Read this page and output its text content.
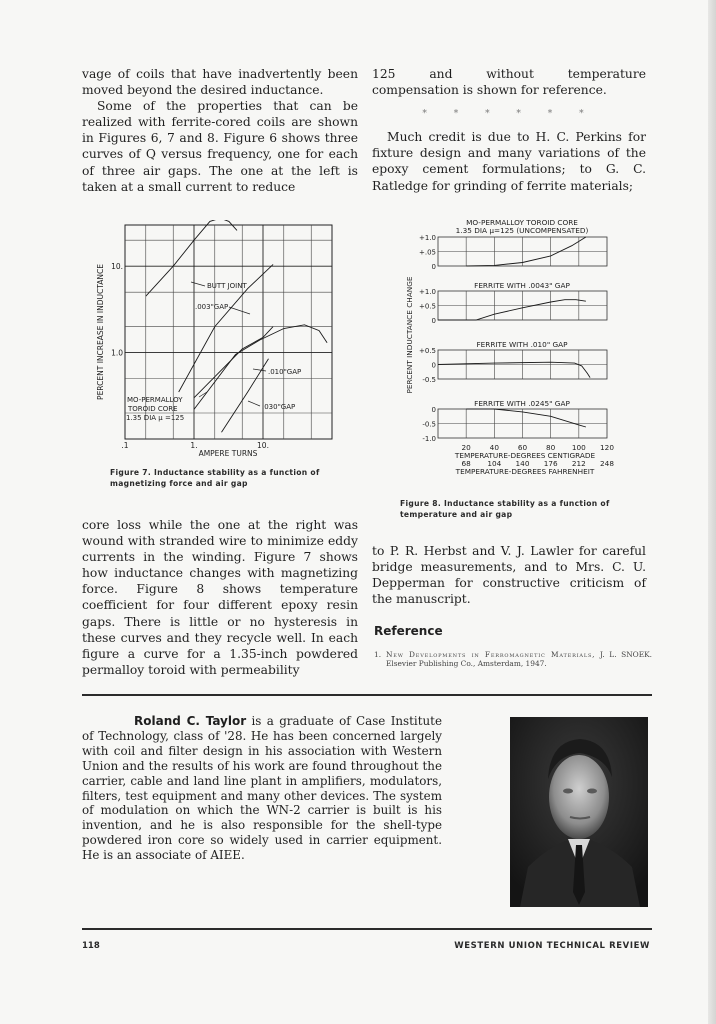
vage of coils that have inadvertently been moved beyond the desired inductance.

Some of the properties that can be realized with ferrite-cored coils are shown in Figures 6, 7 and 8. Figure 6 shows three curves of Q versus frequency, one for each of three air gaps. The one at the left is taken at a small current to reduce

125 and without temperature compensation is shown for reference.

* * * * * *

Much credit is due to H. C. Perkins for fixture design and many variations of the epoxy cement formulations; to G. C. Ratledge for grinding of ferrite materials;

.1	1.	10.
1.0
10.
AMPERE TURNS
PERCENT INCREASE IN INDUCTANCE	BUTT JOINT
.003"GAP
.010"GAP
.030"GAP
MO-PERMALLOY
TOROID CORE
1.35 DIA μ =125
Figure 7. Inductance stability as a function of magnetizing force and air gap
MO-PERMALLOY TOROID CORE
1.35 DIA μ=125 (UNCOMPENSATED)
+1.0
+.05
0
FERRITE WITH .0043" GAP
+1.0
+0.5
0
FERRITE WITH .010" GAP
+0.5
0
-0.5
FERRITE WITH .0245" GAP
0
-0.5
-1.0
20	40	60	80 100 120
TEMPERATURE-DEGREES CENTIGRADE
68 104 140 176 212 248
TEMPERATURE-DEGREES FAHRENHEIT
PERCENT INDUCTANCE CHANGE
Figure 8. Inductance stability as a function of temperature and air gap

core loss while the one at the right was wound with stranded wire to minimize eddy currents in the winding. Figure 7 shows how inductance changes with magnetizing force. Figure 8 shows temperature coefficient for four different epoxy resin gaps. There is little or no hysteresis in these curves and they recycle well. In each figure a curve for a 1.35-inch powdered permalloy toroid with permeability

to P. R. Herbst and V. J. Lawler for careful bridge measurements, and to Mrs. C. U. Depperman for constructive criticism of the manuscript.

Reference
1. New Developments in Ferromagnetic Materials, J. L. SNOEK. Elsevier Publishing Co., Amsterdam, 1947.
Roland C. Taylor is a graduate of Case Institute of Technology, class of '28. He has been concerned largely with coil and filter design in his association with Western Union and the results of his work are found throughout the carrier, cable and land line plant in amplifiers, modulators, filters, test equipment and many other devices. The system of modulation on which the WN-2 carrier is built is his invention, and he is also responsible for the shell-type powdered iron core so widely used in carrier equipment. He is an associate of AIEE.
118	WESTERN UNION TECHNICAL REVIEW
